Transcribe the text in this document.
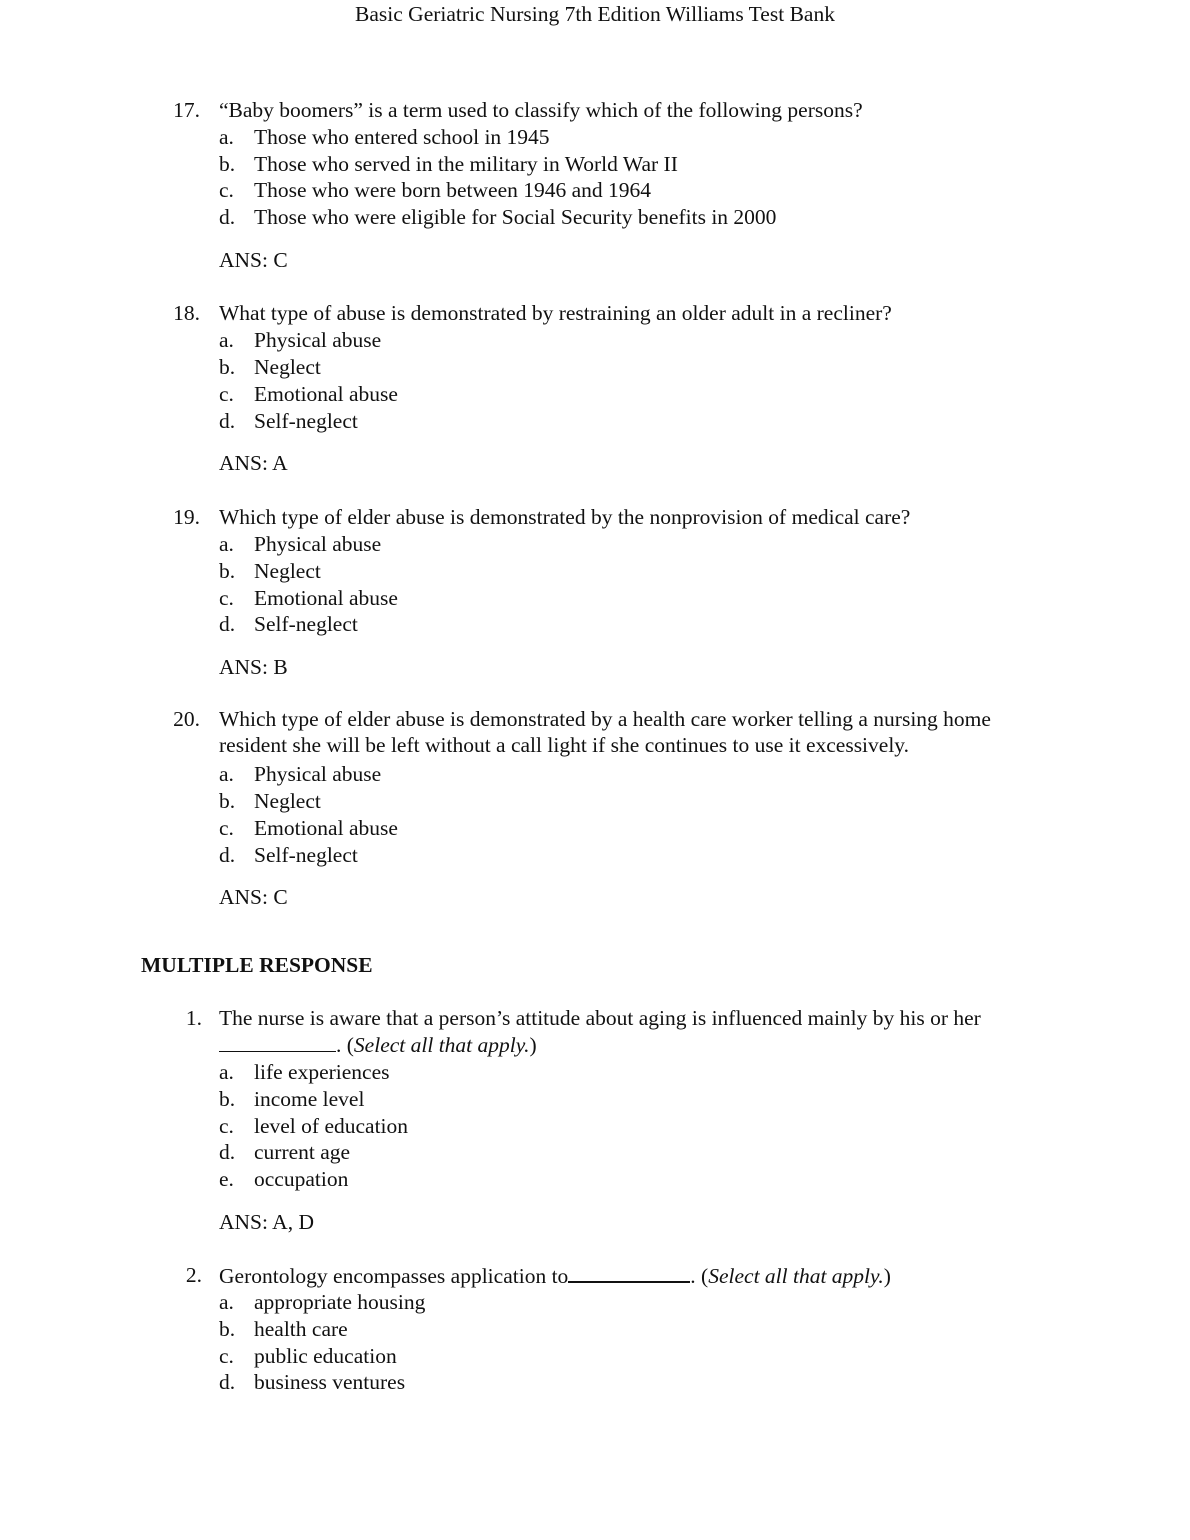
Basic Geriatric Nursing 7th Edition Williams Test Bank
17. “Baby boomers” is a term used to classify which of the following persons?
a. Those who entered school in 1945
b. Those who served in the military in World War II
c. Those who were born between 1946 and 1964
d. Those who were eligible for Social Security benefits in 2000
ANS: C
18. What type of abuse is demonstrated by restraining an older adult in a recliner?
a. Physical abuse
b. Neglect
c. Emotional abuse
d. Self-neglect
ANS: A
19. Which type of elder abuse is demonstrated by the nonprovision of medical care?
a. Physical abuse
b. Neglect
c. Emotional abuse
d. Self-neglect
ANS: B
20. Which type of elder abuse is demonstrated by a health care worker telling a nursing home
resident she will be left without a call light if she continues to use it excessively.
a. Physical abuse
b. Neglect
c. Emotional abuse
d. Self-neglect
ANS: C
MULTIPLE RESPONSE
1. The nurse is aware that a person’s attitude about aging is influenced mainly by his or her
. (Select all that apply.)
a. life experiences
b. income level
c. level of education
d. current age
e. occupation
ANS: A, D
2. Gerontology encompasses application to	. (Select all that apply.)
a. appropriate housing
b. health care
c. public education
d. business ventures
